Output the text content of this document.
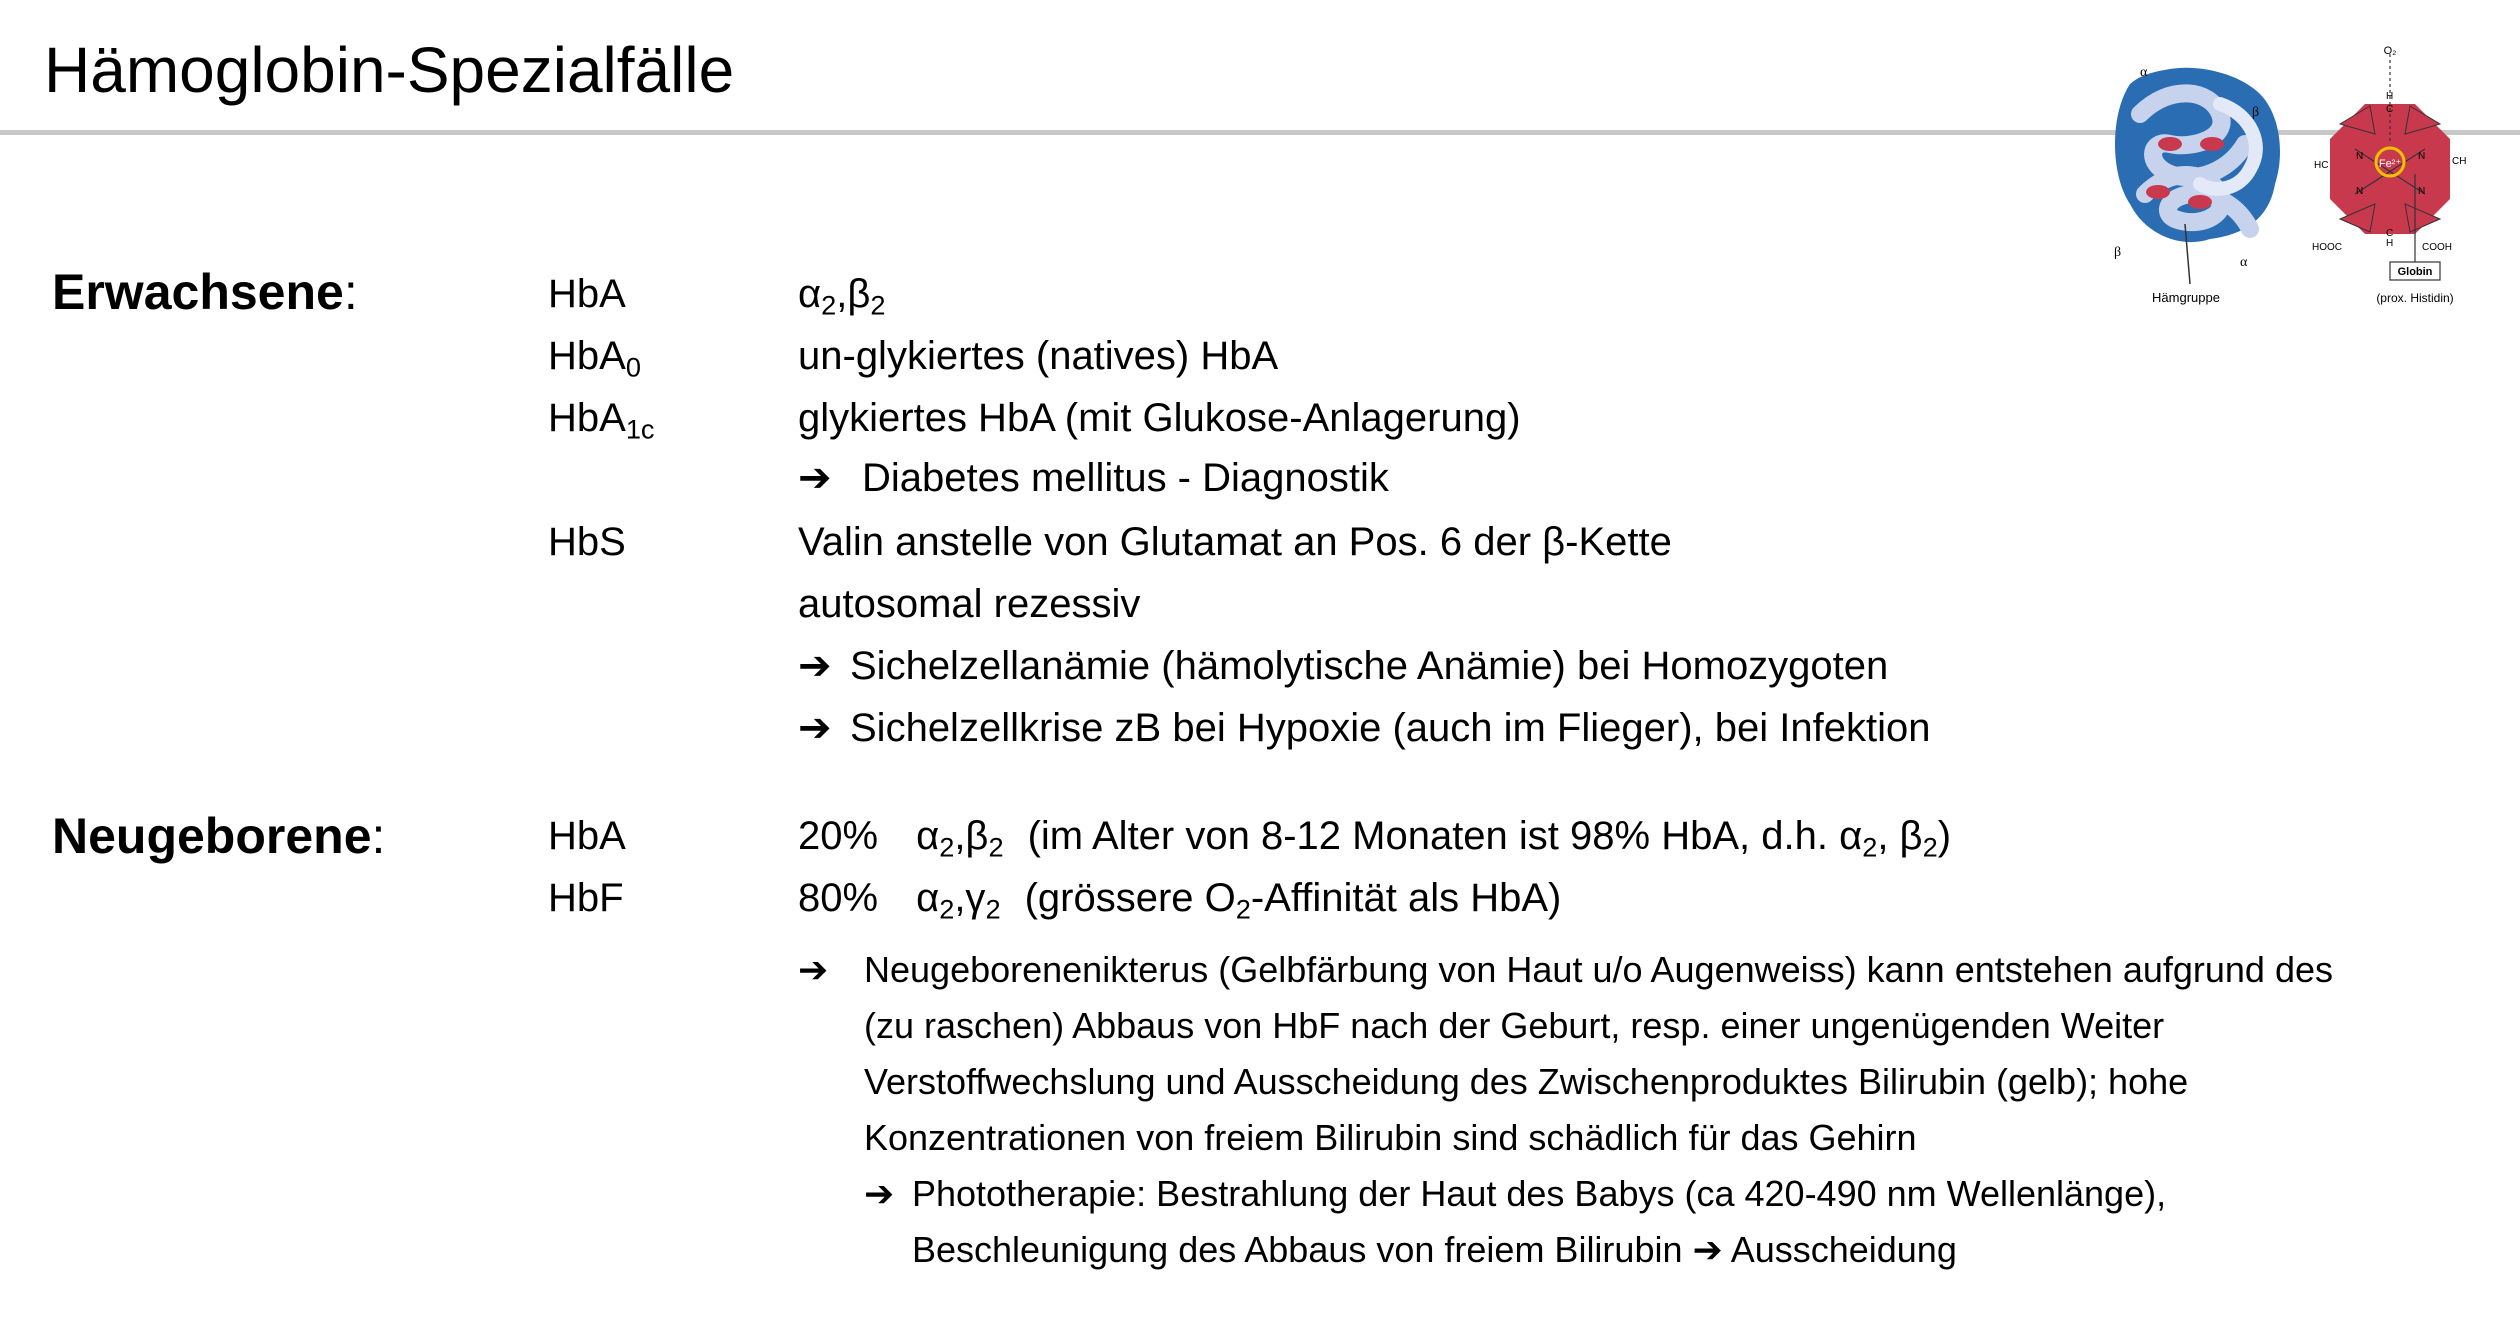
Hämoglobin-Spezialfälle
Erwachsene:	HbA	$\alpha_2,\beta_2$
HbA$_0$	un-glykiertes (natives) HbA
HbA$_{1c}$	glykiertes HbA (mit Glukose-Anlagerung)
➔ Diabetes mellitus - Diagnostik
HbS	Valin anstelle von Glutamat an Pos. 6 der β-Kette
autosomal rezessiv
➔ Sichelzellanämie (hämolytische Anämie) bei Homozygoten
➔ Sichelzellkrise zB bei Hypoxie (auch im Flieger), bei Infektion
Neugeborene:	HbA	20% $\alpha_2,\beta_2$ (im Alter von 8-12 Monaten ist 98% HbA, d.h. $\alpha_2$, $\beta_2$)
HbF	80% $\alpha_2,\gamma_2$ (grössere $O_2$-Affinität als HbA)
➔ Neugeborenenikterus (Gelbfärbung von Haut u/o Augenweiss) kann entstehen aufgrund des
(zu raschen) Abbaus von HbF nach der Geburt, resp. einer ungenügenden Weiter
Verstoffwechslung und Ausscheidung des Zwischenproduktes Bilirubin (gelb); hohe
Konzentrationen von freiem Bilirubin sind schädlich für das Gehirn
➔ Phototherapie: Bestrahlung der Haut des Babys (ca 420-490 nm Wellenlänge),
Beschleunigung des Abbaus von freiem Bilirubin ➔ Ausscheidung
α
β
β
α
Hämgruppe
Fe²⁺
O₂
N	N
N	N
HC	CH
H
H
C
C
HOOC	COOH
Globin
(prox. Histidin)
